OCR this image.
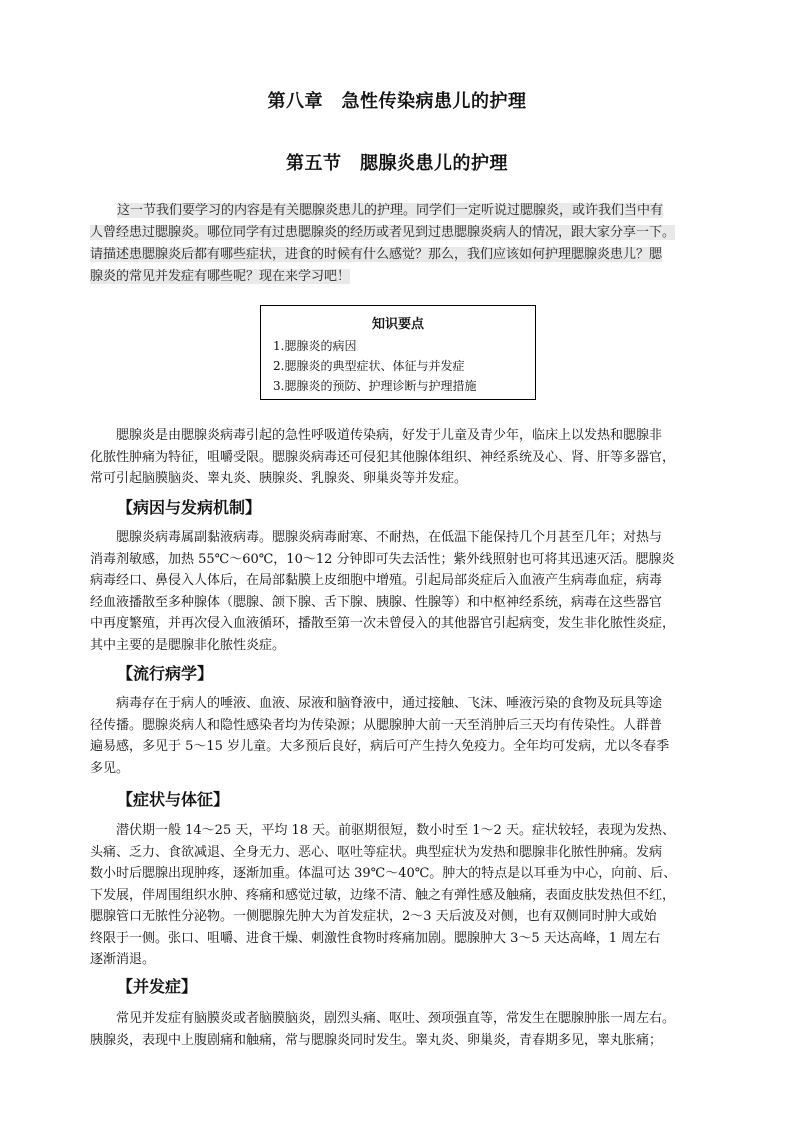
第八章　急性传染病患儿的护理
第五节　腮腺炎患儿的护理
这一节我们要学习的内容是有关腮腺炎患儿的护理。同学们一定听说过腮腺炎，或许我们当中有
人曾经患过腮腺炎。哪位同学有过患腮腺炎的经历或者见到过患腮腺炎病人的情况，跟大家分享一下。
请描述患腮腺炎后都有哪些症状，进食的时候有什么感觉？那么，我们应该如何护理腮腺炎患儿？腮
腺炎的常见并发症有哪些呢？现在来学习吧！
知识要点
1.腮腺炎的病因
2.腮腺炎的典型症状、体征与并发症
3.腮腺炎的预防、护理诊断与护理措施
　　腮腺炎是由腮腺炎病毒引起的急性呼吸道传染病，好发于儿童及青少年，临床上以发热和腮腺非
化脓性肿痛为特征，咀嚼受限。腮腺炎病毒还可侵犯其他腺体组织、神经系统及心、肾、肝等多器官，
常可引起脑膜脑炎、睾丸炎、胰腺炎、乳腺炎、卵巢炎等并发症。
【病因与发病机制】
　　腮腺炎病毒属副黏液病毒。腮腺炎病毒耐寒、不耐热，在低温下能保持几个月甚至几年；对热与
消毒剂敏感，加热 55℃～60℃，10～12 分钟即可失去活性；紫外线照射也可将其迅速灭活。腮腺炎
病毒经口、鼻侵入人体后，在局部黏膜上皮细胞中增殖。引起局部炎症后入血液产生病毒血症，病毒
经血液播散至多种腺体（腮腺、颌下腺、舌下腺、胰腺、性腺等）和中枢神经系统，病毒在这些器官
中再度繁殖，并再次侵入血液循环，播散至第一次未曾侵入的其他器官引起病变，发生非化脓性炎症，
其中主要的是腮腺非化脓性炎症。
【流行病学】
　　病毒存在于病人的唾液、血液、尿液和脑脊液中，通过接触、飞沫、唾液污染的食物及玩具等途
径传播。腮腺炎病人和隐性感染者均为传染源；从腮腺肿大前一天至消肿后三天均有传染性。人群普
遍易感，多见于 5～15 岁儿童。大多预后良好，病后可产生持久免疫力。全年均可发病，尤以冬春季
多见。
【症状与体征】
　　潜伏期一般 14～25 天，平均 18 天。前驱期很短，数小时至 1～2 天。症状较轻，表现为发热、
头痛、乏力、食欲减退、全身无力、恶心、呕吐等症状。典型症状为发热和腮腺非化脓性肿痛。发病
数小时后腮腺出现肿疼，逐渐加重。体温可达 39℃～40℃。肿大的特点是以耳垂为中心，向前、后、
下发展，伴周围组织水肿、疼痛和感觉过敏，边缘不清、触之有弹性感及触痛，表面皮肤发热但不红，
腮腺管口无脓性分泌物。一侧腮腺先肿大为首发症状，2～3 天后波及对侧，也有双侧同时肿大或始
终限于一侧。张口、咀嚼、进食干燥、刺激性食物时疼痛加剧。腮腺肿大 3～5 天达高峰，1 周左右
逐渐消退。
【并发症】
　　常见并发症有脑膜炎或者脑膜脑炎，剧烈头痛、呕吐、颈项强直等，常发生在腮腺肿胀一周左右。
胰腺炎，表现中上腹剧痛和触痛，常与腮腺炎同时发生。睾丸炎、卵巢炎，青春期多见，睾丸胀痛；
